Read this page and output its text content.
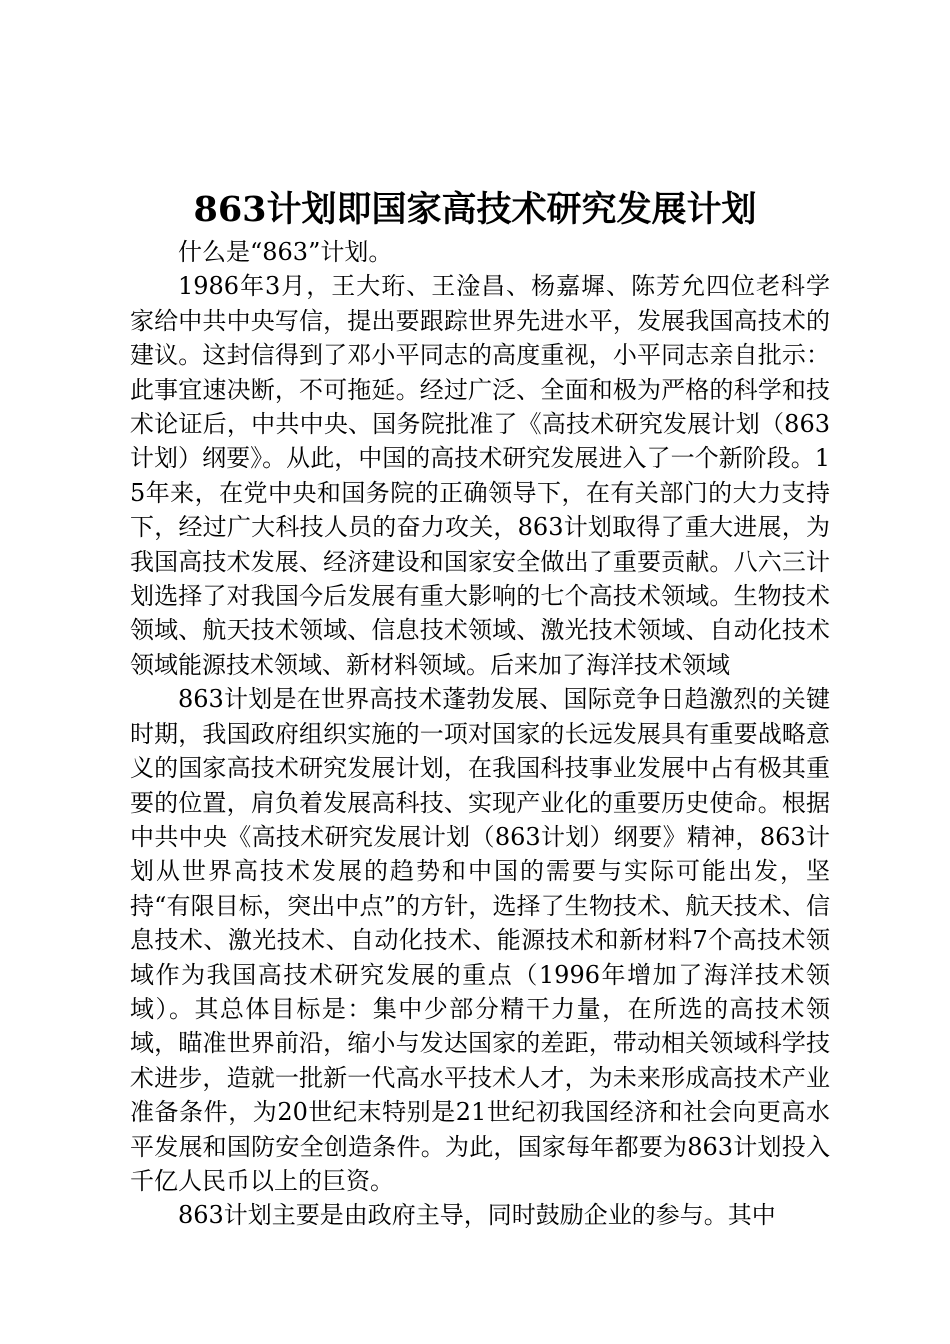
863计划即国家高技术研究发展计划

什么是“863”计划。

1986年3月，王大珩、王淦昌、杨嘉墀、陈芳允四位老科学家给中共中央写信，提出要跟踪世界先进水平，发展我国高技术的建议。这封信得到了邓小平同志的高度重视，小平同志亲自批示：此事宜速决断，不可拖延。经过广泛、全面和极为严格的科学和技术论证后，中共中央、国务院批准了《高技术研究发展计划（863计划）纲要》。从此，中国的高技术研究发展进入了一个新阶段。15年来，在党中央和国务院的正确领导下，在有关部门的大力支持下，经过广大科技人员的奋力攻关，863计划取得了重大进展，为我国高技术发展、经济建设和国家安全做出了重要贡献。八六三计划选择了对我国今后发展有重大影响的七个高技术领域。生物技术领域、航天技术领域、信息技术领域、激光技术领域、自动化技术领域能源技术领域、新材料领域。后来加了海洋技术领域

863计划是在世界高技术蓬勃发展、国际竞争日趋激烈的关键时期，我国政府组织实施的一项对国家的长远发展具有重要战略意义的国家高技术研究发展计划，在我国科技事业发展中占有极其重要的位置，肩负着发展高科技、实现产业化的重要历史使命。根据中共中央《高技术研究发展计划（863计划）纲要》精神，863计划从世界高技术发展的趋势和中国的需要与实际可能出发，坚持“有限目标，突出中点”的方针，选择了生物技术、航天技术、信息技术、激光技术、自动化技术、能源技术和新材料7个高技术领域作为我国高技术研究发展的重点（1996年增加了海洋技术领域）。其总体目标是：集中少部分精干力量，在所选的高技术领域，瞄准世界前沿，缩小与发达国家的差距，带动相关领域科学技术进步，造就一批新一代高水平技术人才，为未来形成高技术产业准备条件，为20世纪末特别是21世纪初我国经济和社会向更高水平发展和国防安全创造条件。为此，国家每年都要为863计划投入千亿人民币以上的巨资。

863计划主要是由政府主导，同时鼓励企业的参与。其中
